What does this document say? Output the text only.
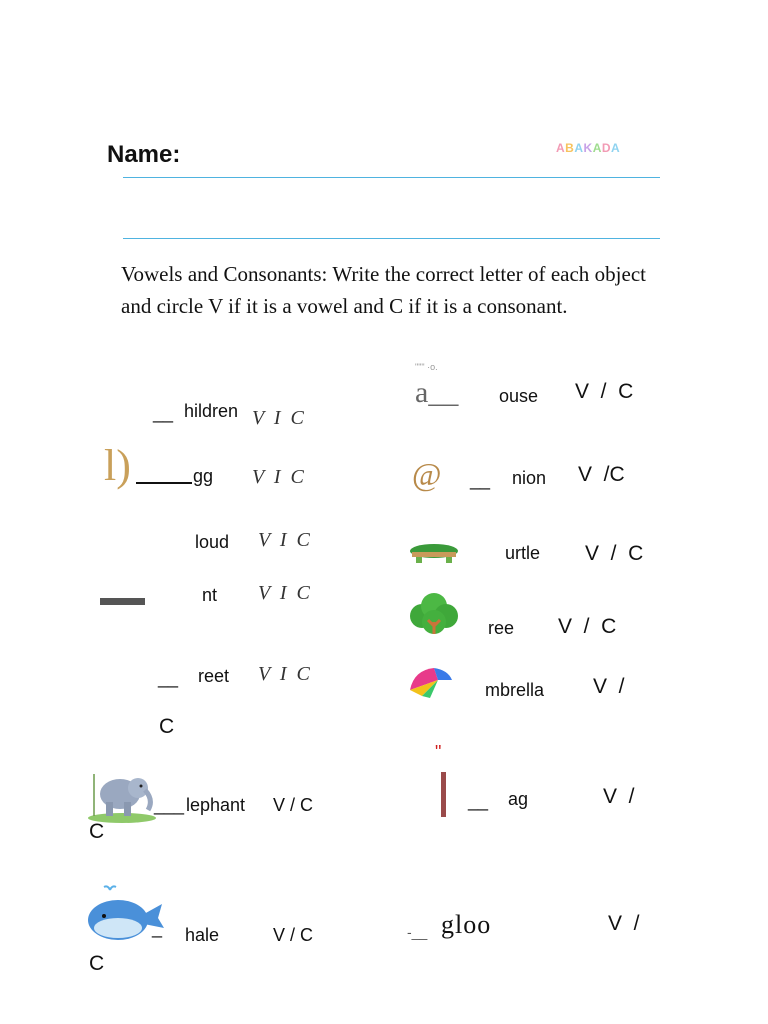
Name:	ABAKADA
Vowels and Consonants: Write the correct letter of each object and circle V if it is a vowel and C if it is a consonant.
""" ·o.
__ hildren V  I  C
l)	gg V  I  C
loud V  I  C
nt V  I  C
__ reet V  I  C
C
___ lephant V / C
C
_ hale	V / C
C
a__ ouse V  /  C
@ __ nion V  /C
urtle V  /  C
ree V  /  C
mbrella V  /
"
__ ag	V  /
-__ gloo	V  /
